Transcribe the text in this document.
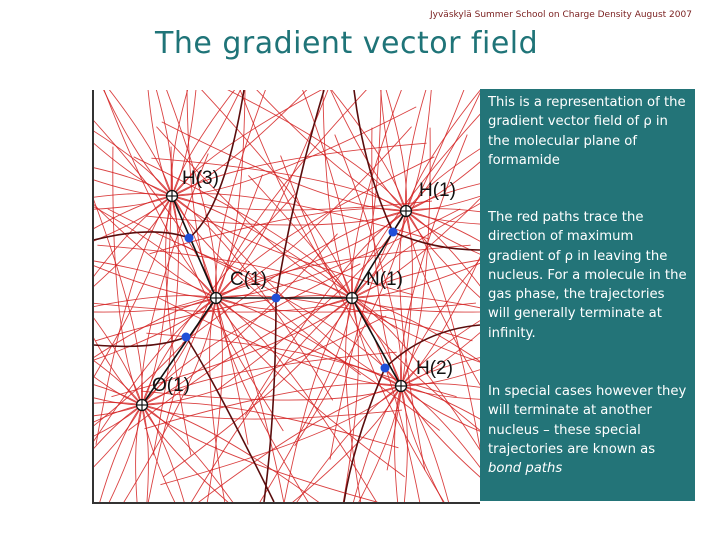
Jyväskylä Summer School on Charge Density August 2007
The gradient vector field
H(3)
H(1)
C(1)	N(1)
O(1)
H(2)
This is a representation of the gradient vector field of ρ in the molecular plane of formamide
The red paths trace the direction of maximum gradient of ρ in leaving the nucleus. For a molecule in the gas phase, the trajectories will generally terminate at infinity.
In special cases however they will terminate at another nucleus – these special trajectories are known as bond paths
